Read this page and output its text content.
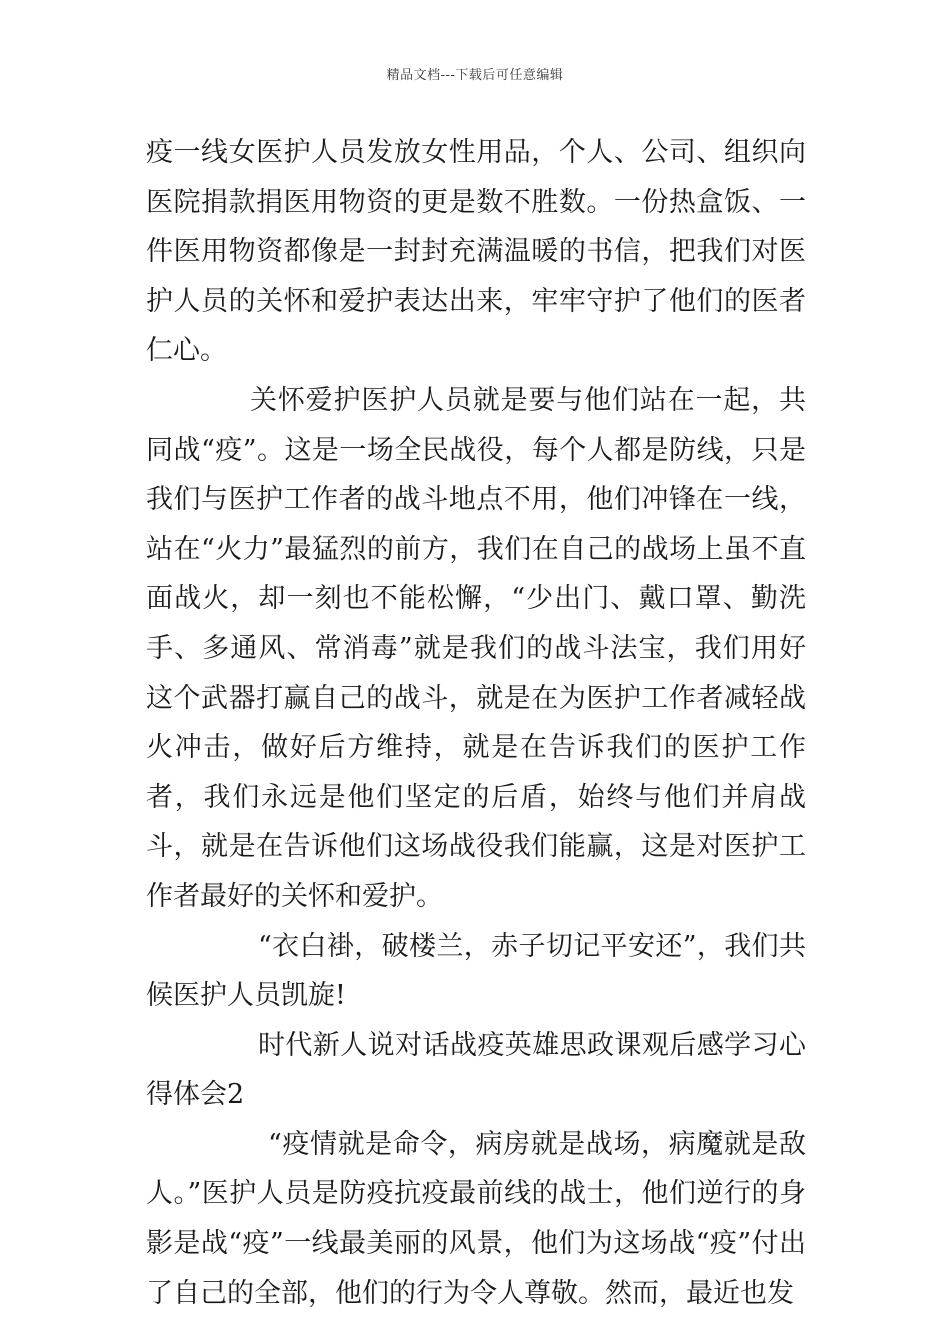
精品文档---下载后可任意编辑

疫一线女医护人员发放女性用品，个人、公司、组织向医院捐款捐医用物资的更是数不胜数。一份热盒饭、一件医用物资都像是一封封充满温暖的书信，把我们对医护人员的关怀和爱护表达出来，牢牢守护了他们的医者仁心。

关怀爱护医护人员就是要与他们站在一起，共同战“疫”。这是一场全民战役，每个人都是防线，只是我们与医护工作者的战斗地点不用，他们冲锋在一线，站在“火力”最猛烈的前方，我们在自己的战场上虽不直面战火，却一刻也不能松懈，“少出门、戴口罩、勤洗手、多通风、常消毒”就是我们的战斗法宝，我们用好这个武器打赢自己的战斗，就是在为医护工作者减轻战火冲击，做好后方维持，就是在告诉我们的医护工作者，我们永远是他们坚定的后盾，始终与他们并肩战斗，就是在告诉他们这场战役我们能赢，这是对医护工作者最好的关怀和爱护。

“衣白褂，破楼兰，赤子切记平安还”，我们共候医护人员凯旋!

时代新人说对话战疫英雄思政课观后感学习心得体会2

“疫情就是命令，病房就是战场，病魔就是敌人。”医护人员是防疫抗疫最前线的战士，他们逆行的身影是战“疫”一线最美丽的风景，他们为这场战“疫”付出了自己的全部，他们的行为令人尊敬。然而，最近也发
